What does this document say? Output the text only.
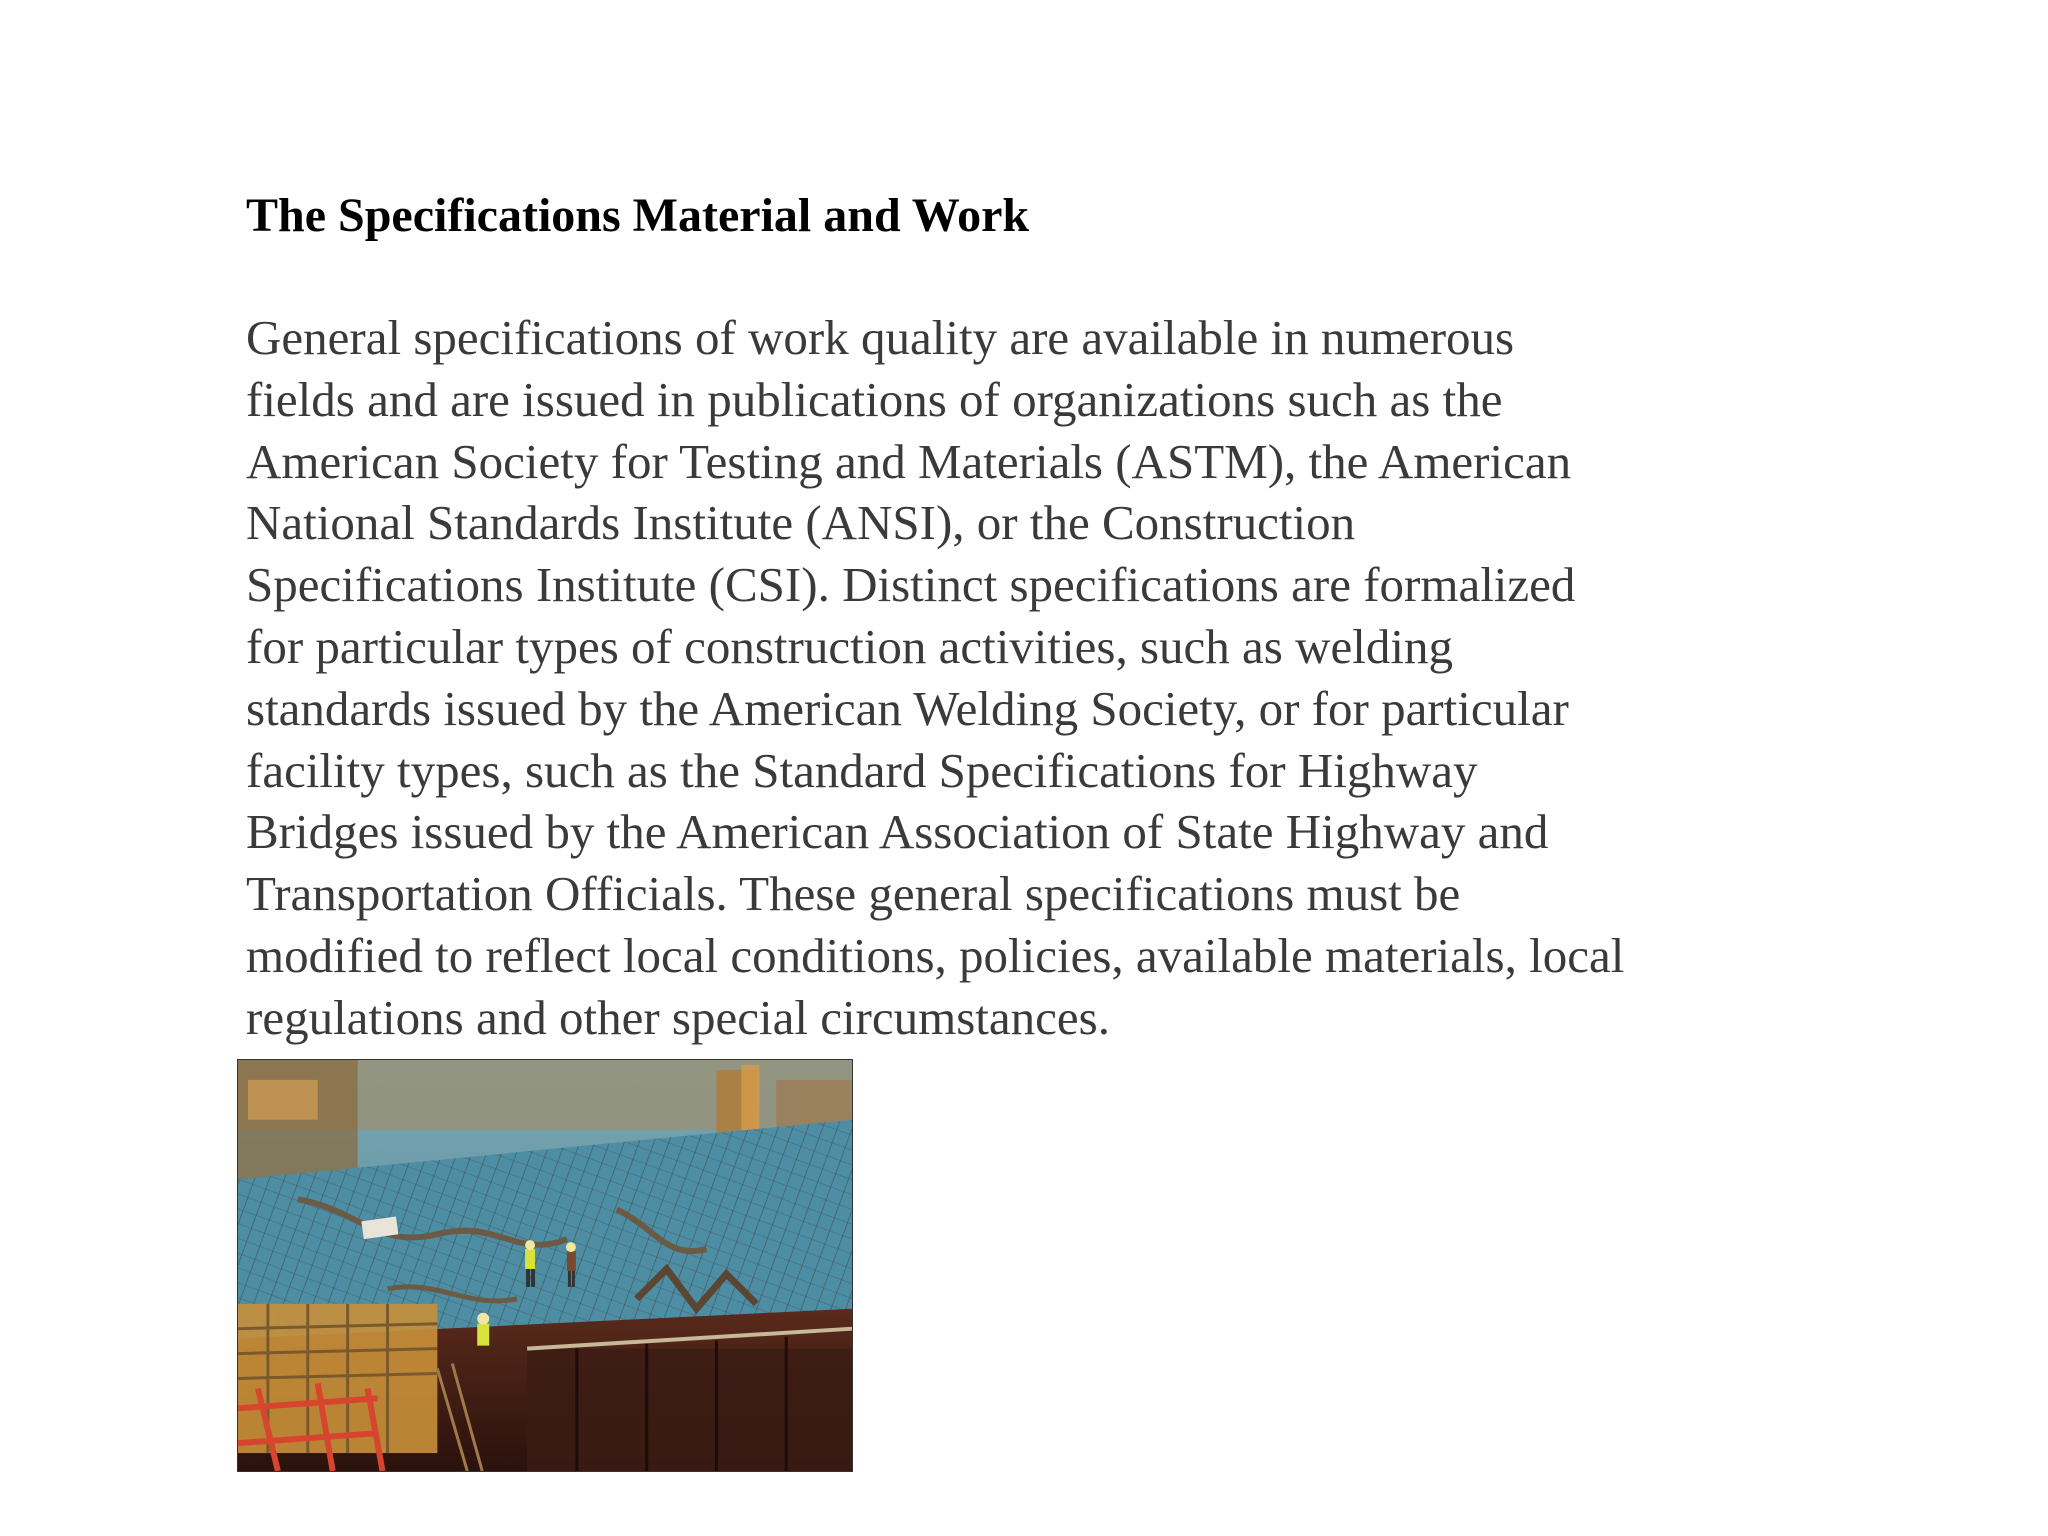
The Specifications Material and Work

General specifications of work quality are available in numerous
fields and are issued in publications of organizations such as the
American Society for Testing and Materials (ASTM), the American
National Standards Institute (ANSI), or the Construction
Specifications Institute (CSI). Distinct specifications are formalized
for particular types of construction activities, such as welding
standards issued by the American Welding Society, or for particular
facility types, such as the Standard Specifications for Highway
Bridges issued by the American Association of State Highway and
Transportation Officials. These general specifications must be
modified to reflect local conditions, policies, available materials, local
regulations and other special circumstances.
